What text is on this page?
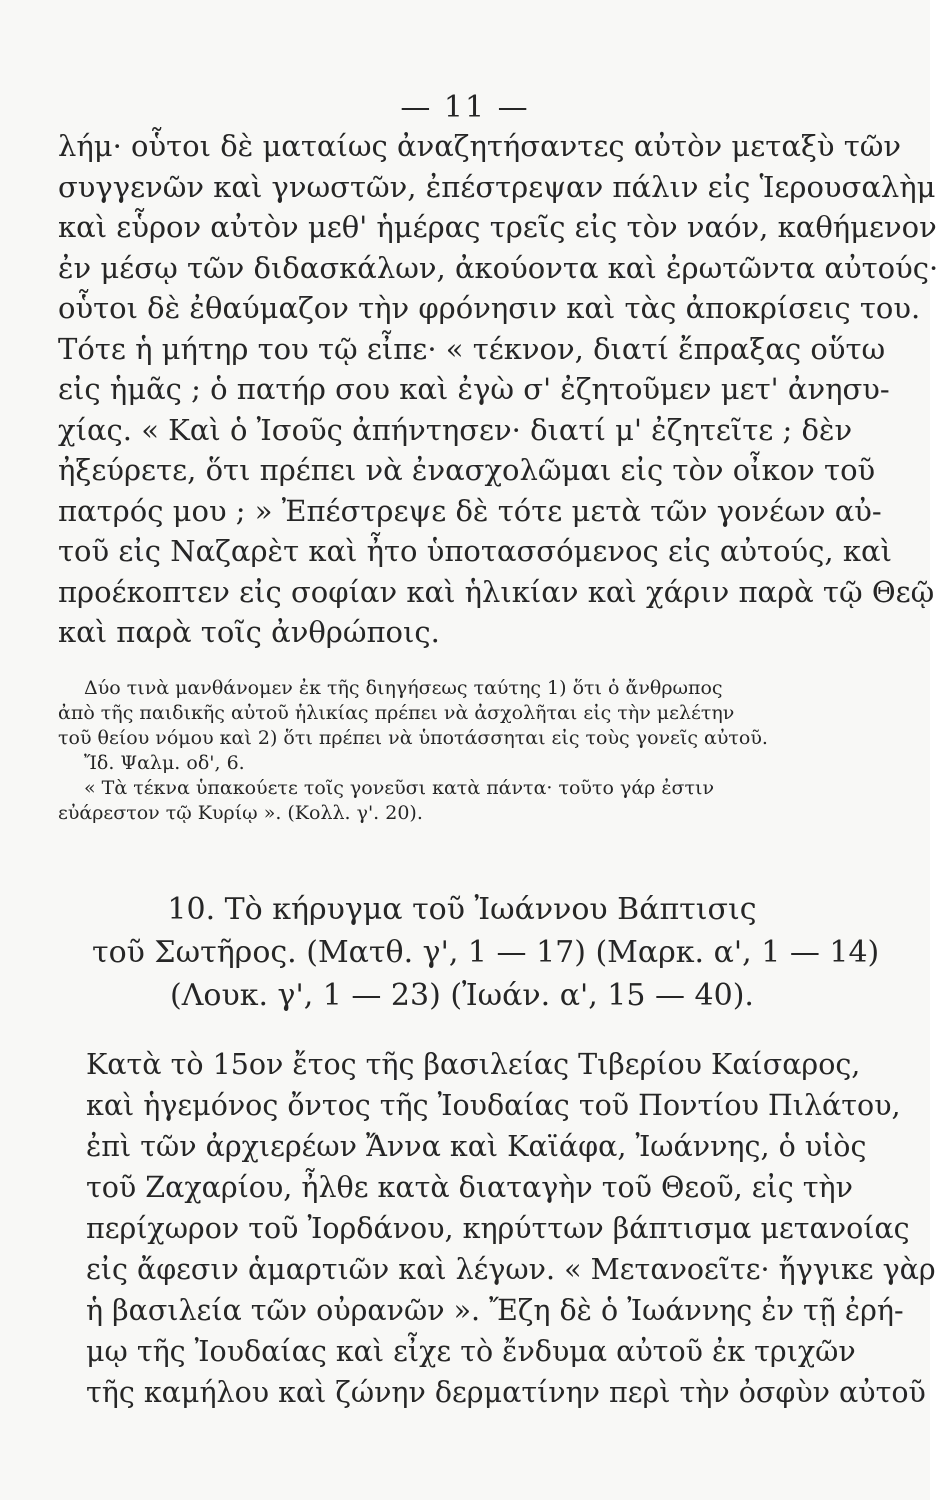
— 11 —
λήμ· οὗτοι δὲ ματαίως ἀναζητήσαντες αὐτὸν μεταξὺ τῶν
συγγενῶν καὶ γνωστῶν, ἐπέστρεψαν πάλιν εἰς Ἱερουσαλὴμ
καὶ εὗρον αὐτὸν μεθ' ἡμέρας τρεῖς εἰς τὸν ναόν, καθήμενον
ἐν μέσῳ τῶν διδασκάλων, ἀκούοντα καὶ ἐρωτῶντα αὐτούς·
οὗτοι δὲ ἐθαύμαζον τὴν φρόνησιν καὶ τὰς ἀποκρίσεις του.
Τότε ἡ μήτηρ του τῷ εἶπε· « τέκνον, διατί ἔπραξας οὕτω
εἰς ἡμᾶς ; ὁ πατήρ σου καὶ ἐγὼ σ' ἐζητοῦμεν μετ' ἀνησυ-
χίας. « Καὶ ὁ Ἰσοῦς ἀπήντησεν· διατί μ' ἐζητεῖτε ; δὲν
ἠξεύρετε, ὅτι πρέπει νὰ ἐνασχολῶμαι εἰς τὸν οἶκον τοῦ
πατρός μου ; » Ἐπέστρεψε δὲ τότε μετὰ τῶν γονέων αὐ-
τοῦ εἰς Ναζαρὲτ καὶ ἦτο ὑποτασσόμενος εἰς αὐτούς, καὶ
προέκοπτεν εἰς σοφίαν καὶ ἡλικίαν καὶ χάριν παρὰ τῷ Θεῷ
καὶ παρὰ τοῖς ἀνθρώποις.
Δύο τινὰ μανθάνομεν ἐκ τῆς διηγήσεως ταύτης 1) ὅτι ὁ ἄνθρωπος
ἀπὸ τῆς παιδικῆς αὐτοῦ ἡλικίας πρέπει νὰ ἀσχολῆται εἰς τὴν μελέτην
τοῦ θείου νόμου καὶ 2) ὅτι πρέπει νὰ ὑποτάσσηται εἰς τοὺς γονεῖς αὐτοῦ.
Ἴδ. Ψαλμ. οδ', 6.
« Τὰ τέκνα ὑπακούετε τοῖς γονεῦσι κατὰ πάντα· τοῦτο γάρ ἐστιν
εὐάρεστον τῷ Κυρίῳ ». (Κολλ. γ'. 20).
10. Τὸ κήρυγμα τοῦ Ἰωάννου Βάπτισις
τοῦ Σωτῆρος. (Ματθ. γ', 1 — 17) (Μαρκ. α', 1 — 14)
(Λουκ. γ', 1 — 23) (Ἰωάν. α', 15 — 40).
Κατὰ τὸ 15ον ἔτος τῆς βασιλείας Τιβερίου Καίσαρος,
καὶ ἡγεμόνος ὄντος τῆς Ἰουδαίας τοῦ Ποντίου Πιλάτου,
ἐπὶ τῶν ἀρχιερέων Ἄννα καὶ Καϊάφα, Ἰωάννης, ὁ υἱὸς
τοῦ Ζαχαρίου, ἦλθε κατὰ διαταγὴν τοῦ Θεοῦ, εἰς τὴν
περίχωρον τοῦ Ἰορδάνου, κηρύττων βάπτισμα μετανοίας
εἰς ἄφεσιν ἁμαρτιῶν καὶ λέγων. « Μετανοεῖτε· ἤγγικε γὰρ
ἡ βασιλεία τῶν οὐρανῶν ». Ἔζη δὲ ὁ Ἰωάννης ἐν τῇ ἐρή-
μῳ τῆς Ἰουδαίας καὶ εἶχε τὸ ἔνδυμα αὐτοῦ ἐκ τριχῶν
τῆς καμήλου καὶ ζώνην δερματίνην περὶ τὴν ὀσφὺν αὐτοῦ
